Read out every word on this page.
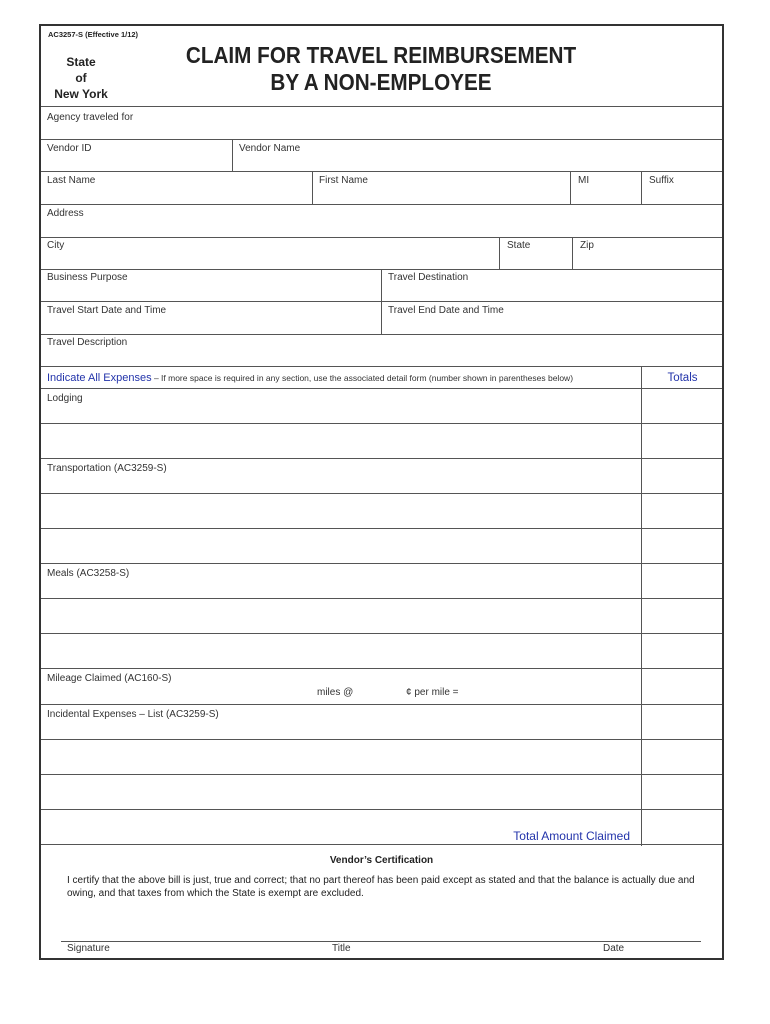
AC3257-S (Effective 1/12)
State
of
New York
CLAIM FOR TRAVEL REIMBURSEMENT
BY A NON-EMPLOYEE
Agency traveled for
Vendor ID	Vendor Name
Last Name	First Name	MI	Suffix
Address
City	State	Zip
Business Purpose	Travel Destination
Travel Start Date and Time	Travel End Date and Time
Travel Description
Indicate All Expenses – If more space is required in any section, use the associated detail form (number shown in parentheses below)	Totals
Lodging
Transportation (AC3259-S)
Meals (AC3258-S)
Mileage Claimed (AC160-S)
miles @	¢ per mile =
Incidental Expenses – List (AC3259-S)
Total Amount Claimed
Vendor’s Certification
I certify that the above bill is just, true and correct; that no part thereof has been paid except as stated and that the balance is actually due and owing, and that taxes from which the State is exempt are excluded.
Signature	Title	Date
